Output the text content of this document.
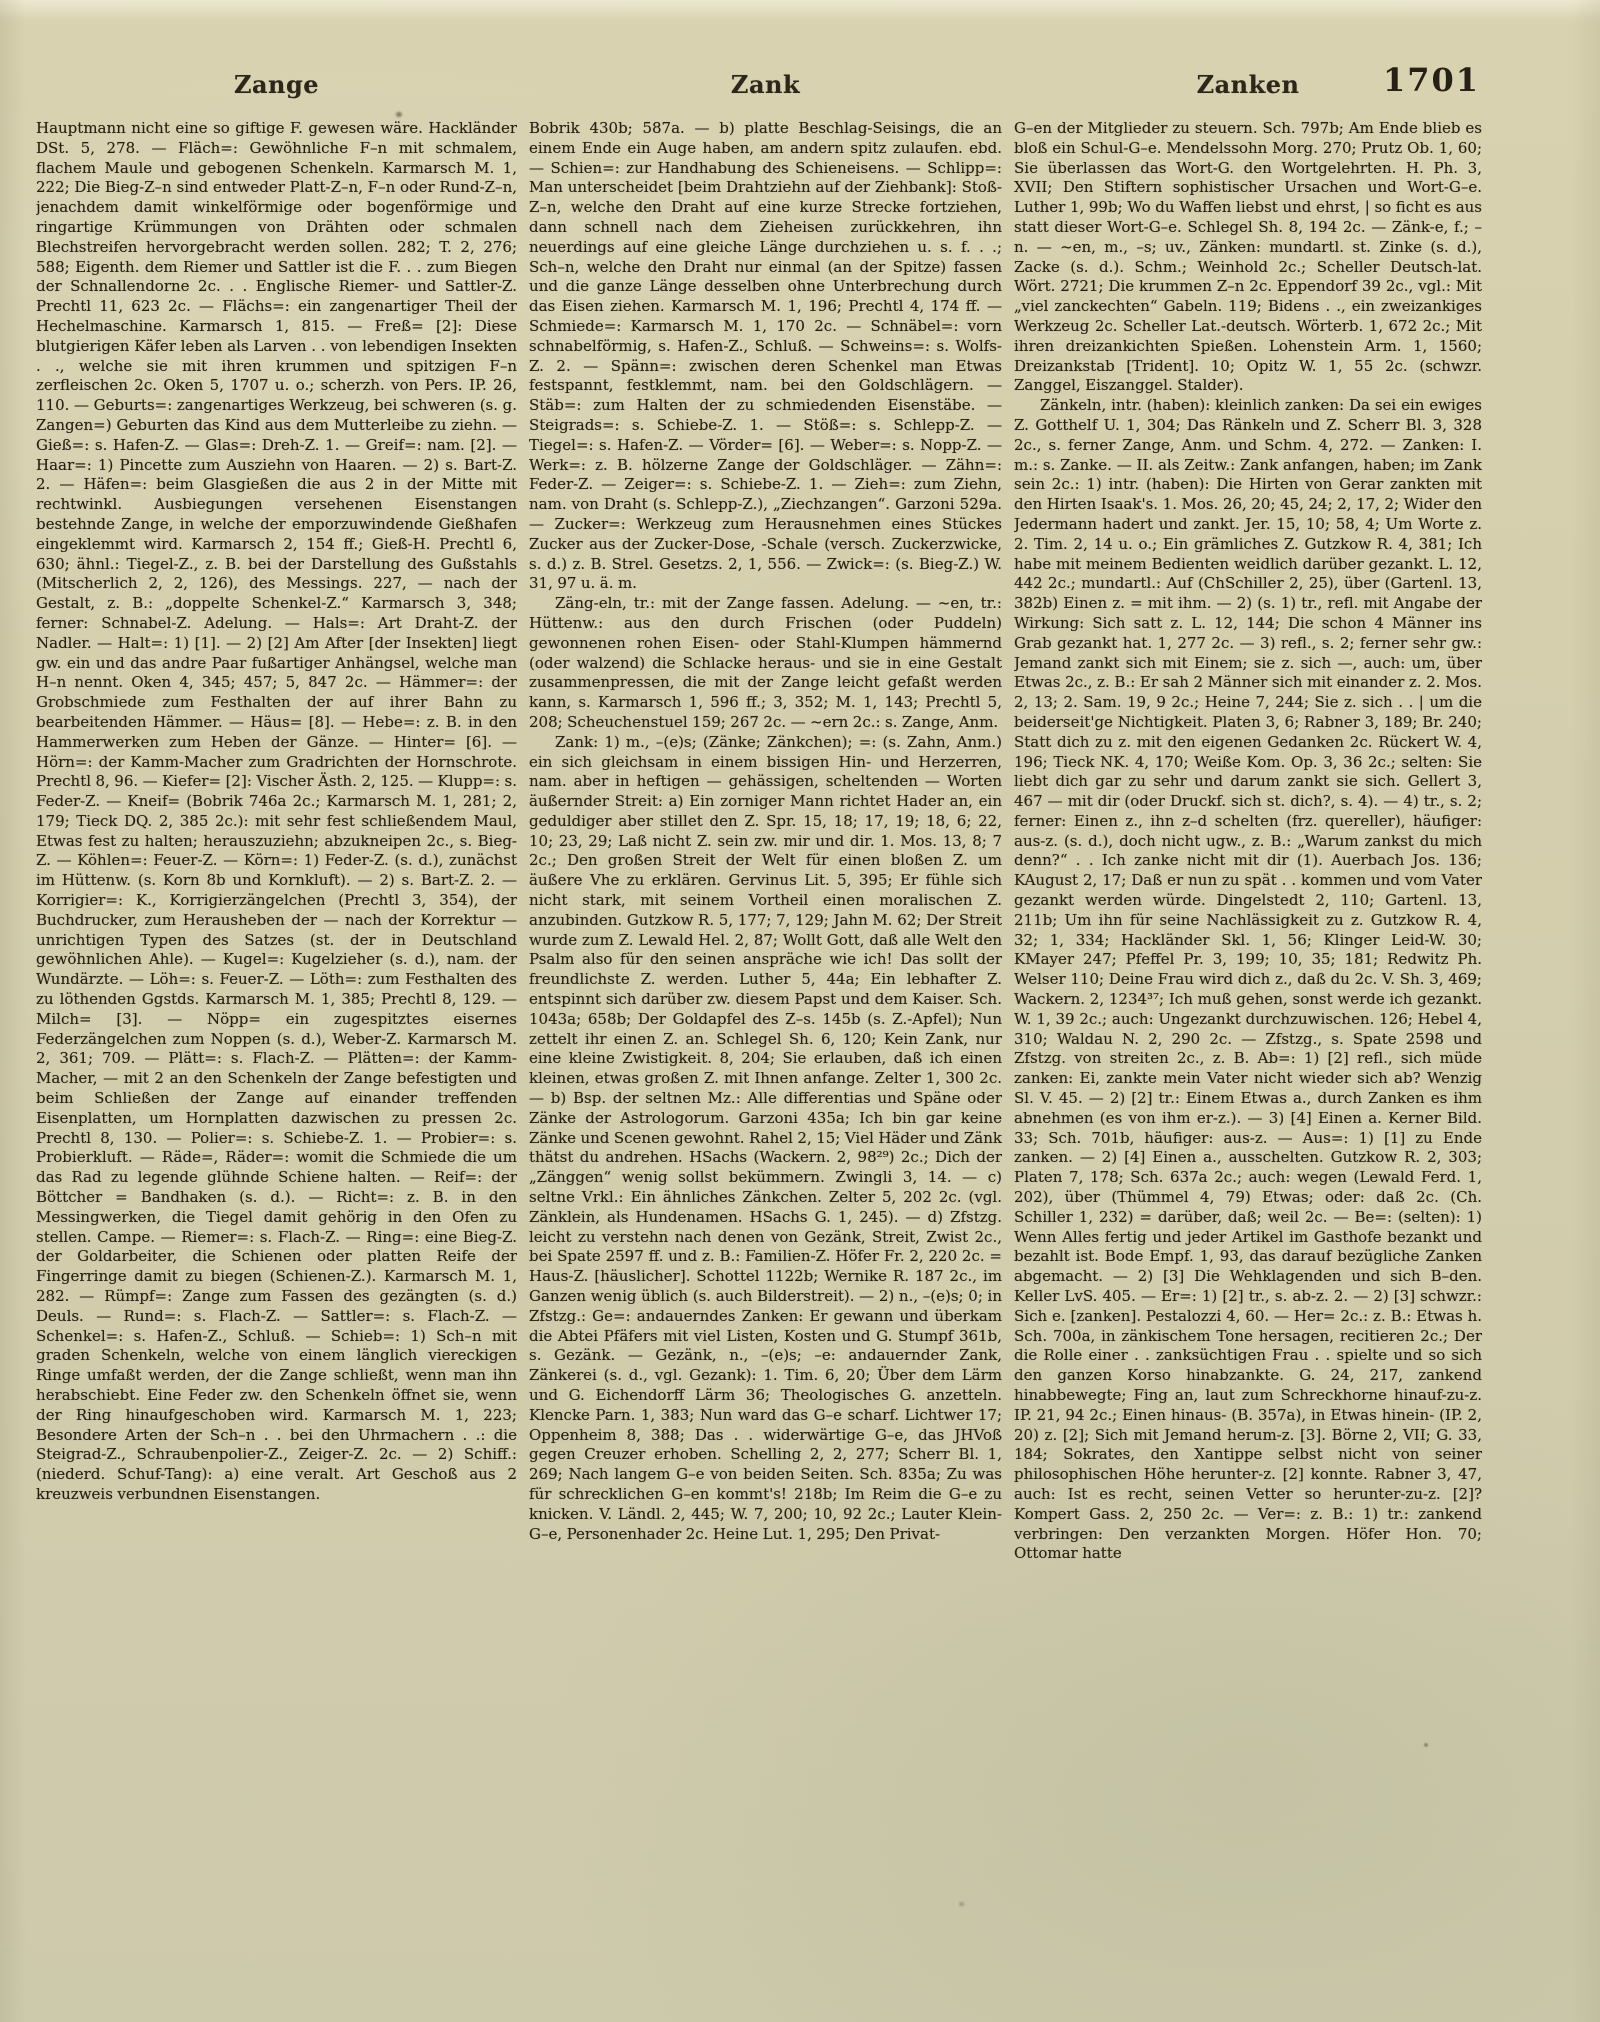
Zange	Zank	Zanken	1701

Hauptmann nicht eine so giftige F. gewesen wäre. Hackländer DSt. 5, 278. — Fläch=: Gewöhnliche F–n mit schmalem, flachem Maule und gebogenen Schenkeln. Karmarsch M. 1, 222; Die Bieg-Z–n sind entweder Platt-Z–n, F–n oder Rund-Z–n, jenachdem damit winkelförmige oder bogenförmige und ringartige Krümmungen von Drähten oder schmalen Blechstreifen hervorgebracht werden sollen. 282; T. 2, 276; 588; Eigenth. dem Riemer und Sattler ist die F. . . zum Biegen der Schnallendorne 2c. . . Englische Riemer- und Sattler-Z. Prechtl 11, 623 2c. — Flächs=: ein zangenartiger Theil der Hechelmaschine. Karmarsch 1, 815. — Freß= [2]: Diese blutgierigen Käfer leben als Larven . . von lebendigen Insekten . ., welche sie mit ihren krummen und spitzigen F–n zerfleischen 2c. Oken 5, 1707 u. o.; scherzh. von Pers. IP. 26, 110. — Geburts=: zangenartiges Werkzeug, bei schweren (s. g. Zangen=) Geburten das Kind aus dem Mutterleibe zu ziehn. — Gieß=: s. Hafen-Z. — Glas=: Dreh-Z. 1. — Greif=: nam. [2]. — Haar=: 1) Pincette zum Ausziehn von Haaren. — 2) s. Bart-Z. 2. — Häfen=: beim Glasgießen die aus 2 in der Mitte mit rechtwinkl. Ausbiegungen versehenen Eisenstangen bestehnde Zange, in welche der emporzuwindende Gießhafen eingeklemmt wird. Karmarsch 2, 154 ff.; Gieß-H. Prechtl 6, 630; ähnl.: Tiegel-Z., z. B. bei der Darstellung des Gußstahls (Mitscherlich 2, 2, 126), des Messings. 227, — nach der Gestalt, z. B.: „doppelte Schenkel-Z.“ Karmarsch 3, 348; ferner: Schnabel-Z. Adelung. — Hals=: Art Draht-Z. der Nadler. — Halt=: 1) [1]. — 2) [2] Am After [der Insekten] liegt gw. ein und das andre Paar fußartiger Anhängsel, welche man H–n nennt. Oken 4, 345; 457; 5, 847 2c. — Hämmer=: der Grobschmiede zum Festhalten der auf ihrer Bahn zu bearbeitenden Hämmer. — Häus= [8]. — Hebe=: z. B. in den Hammerwerken zum Heben der Gänze. — Hinter= [6]. — Hörn=: der Kamm-Macher zum Gradrichten der Hornschrote. Prechtl 8, 96. — Kiefer= [2]: Vischer Ästh. 2, 125. — Klupp=: s. Feder-Z. — Kneif= (Bobrik 746a 2c.; Karmarsch M. 1, 281; 2, 179; Tieck DQ. 2, 385 2c.): mit sehr fest schließendem Maul, Etwas fest zu halten; herauszuziehn; abzukneipen 2c., s. Bieg-Z. — Köhlen=: Feuer-Z. — Körn=: 1) Feder-Z. (s. d.), zunächst im Hüttenw. (s. Korn 8b und Kornkluft). — 2) s. Bart-Z. 2. — Korrigier=: K., Korrigierzängelchen (Prechtl 3, 354), der Buchdrucker, zum Herausheben der — nach der Korrektur — unrichtigen Typen des Satzes (st. der in Deutschland gewöhnlichen Ahle). — Kugel=: Kugelzieher (s. d.), nam. der Wundärzte. — Löh=: s. Feuer-Z. — Löth=: zum Festhalten des zu löthenden Ggstds. Karmarsch M. 1, 385; Prechtl 8, 129. — Milch= [3]. — Nöpp= ein zugespitztes eisernes Federzängelchen zum Noppen (s. d.), Weber-Z. Karmarsch M. 2, 361; 709. — Plätt=: s. Flach-Z. — Plätten=: der Kamm-Macher, — mit 2 an den Schenkeln der Zange befestigten und beim Schließen der Zange auf einander treffenden Eisenplatten, um Hornplatten dazwischen zu pressen 2c. Prechtl 8, 130. — Polier=: s. Schiebe-Z. 1. — Probier=: s. Probierkluft. — Räde=, Räder=: womit die Schmiede die um das Rad zu legende glühnde Schiene halten. — Reif=: der Böttcher = Bandhaken (s. d.). — Richt=: z. B. in den Messingwerken, die Tiegel damit gehörig in den Ofen zu stellen. Campe. — Riemer=: s. Flach-Z. — Ring=: eine Bieg-Z. der Goldarbeiter, die Schienen oder platten Reife der Fingerringe damit zu biegen (Schienen-Z.). Karmarsch M. 1, 282. — Rümpf=: Zange zum Fassen des gezängten (s. d.) Deuls. — Rund=: s. Flach-Z. — Sattler=: s. Flach-Z. — Schenkel=: s. Hafen-Z., Schluß. — Schieb=: 1) Sch–n mit graden Schenkeln, welche von einem länglich viereckigen Ringe umfaßt werden, der die Zange schließt, wenn man ihn herabschiebt. Eine Feder zw. den Schenkeln öffnet sie, wenn der Ring hinaufgeschoben wird. Karmarsch M. 1, 223; Besondere Arten der Sch–n . . bei den Uhrmachern . .: die Steigrad-Z., Schraubenpolier-Z., Zeiger-Z. 2c. — 2) Schiff.: (niederd. Schuf-Tang): a) eine veralt. Art Geschoß aus 2 kreuzweis verbundnen Eisenstangen.

Bobrik 430b; 587a. — b) platte Beschlag-Seisings, die an einem Ende ein Auge haben, am andern spitz zulaufen. ebd. — Schien=: zur Handhabung des Schieneisens. — Schlipp=: Man unterscheidet [beim Drahtziehn auf der Ziehbank]: Stoß-Z–n, welche den Draht auf eine kurze Strecke fortziehen, dann schnell nach dem Zieheisen zurückkehren, ihn neuerdings auf eine gleiche Länge durchziehen u. s. f. . .; Sch–n, welche den Draht nur einmal (an der Spitze) fassen und die ganze Länge desselben ohne Unterbrechung durch das Eisen ziehen. Karmarsch M. 1, 196; Prechtl 4, 174 ff. — Schmiede=: Karmarsch M. 1, 170 2c. — Schnäbel=: vorn schnabelförmig, s. Hafen-Z., Schluß. — Schweins=: s. Wolfs-Z. 2. — Spänn=: zwischen deren Schenkel man Etwas festspannt, festklemmt, nam. bei den Goldschlägern. — Stäb=: zum Halten der zu schmiedenden Eisenstäbe. — Steigrads=: s. Schiebe-Z. 1. — Stöß=: s. Schlepp-Z. — Tiegel=: s. Hafen-Z. — Vörder= [6]. — Weber=: s. Nopp-Z. — Werk=: z. B. hölzerne Zange der Goldschläger. — Zähn=: Feder-Z. — Zeiger=: s. Schiebe-Z. 1. — Zieh=: zum Ziehn, nam. von Draht (s. Schlepp-Z.), „Ziechzangen“. Garzoni 529a. — Zucker=: Werkzeug zum Herausnehmen eines Stückes Zucker aus der Zucker-Dose, -Schale (versch. Zuckerzwicke, s. d.) z. B. Strel. Gesetzs. 2, 1, 556. — Zwick=: (s. Bieg-Z.) W. 31, 97 u. ä. m.

Zäng-eln, tr.: mit der Zange fassen. Adelung. — ~en, tr.: Hüttenw.: aus den durch Frischen (oder Puddeln) gewonnenen rohen Eisen- oder Stahl-Klumpen hämmernd (oder walzend) die Schlacke heraus- und sie in eine Gestalt zusammenpressen, die mit der Zange leicht gefaßt werden kann, s. Karmarsch 1, 596 ff.; 3, 352; M. 1, 143; Prechtl 5, 208; Scheuchenstuel 159; 267 2c. — ~ern 2c.: s. Zange, Anm.

Zank: 1) m., –(e)s; (Zänke; Zänkchen); =: (s. Zahn, Anm.) ein sich gleichsam in einem bissigen Hin- und Herzerren, nam. aber in heftigen — gehässigen, scheltenden — Worten äußernder Streit: a) Ein zorniger Mann richtet Hader an, ein geduldiger aber stillet den Z. Spr. 15, 18; 17, 19; 18, 6; 22, 10; 23, 29; Laß nicht Z. sein zw. mir und dir. 1. Mos. 13, 8; 7 2c.; Den großen Streit der Welt für einen bloßen Z. um äußere Vhe zu erklären. Gervinus Lit. 5, 395; Er fühle sich nicht stark, mit seinem Vortheil einen moralischen Z. anzubinden. Gutzkow R. 5, 177; 7, 129; Jahn M. 62; Der Streit wurde zum Z. Lewald Hel. 2, 87; Wollt Gott, daß alle Welt den Psalm also für den seinen anspräche wie ich! Das sollt der freundlichste Z. werden. Luther 5, 44a; Ein lebhafter Z. entspinnt sich darüber zw. diesem Papst und dem Kaiser. Sch. 1043a; 658b; Der Goldapfel des Z–s. 145b (s. Z.-Apfel); Nun zettelt ihr einen Z. an. Schlegel Sh. 6, 120; Kein Zank, nur eine kleine Zwistigkeit. 8, 204; Sie erlauben, daß ich einen kleinen, etwas großen Z. mit Ihnen anfange. Zelter 1, 300 2c. — b) Bsp. der seltnen Mz.: Alle differentias und Späne oder Zänke der Astrologorum. Garzoni 435a; Ich bin gar keine Zänke und Scenen gewohnt. Rahel 2, 15; Viel Häder und Zänk thätst du andrehen. HSachs (Wackern. 2, 98²⁹) 2c.; Dich der „Zänggen“ wenig sollst bekümmern. Zwingli 3, 14. — c) seltne Vrkl.: Ein ähnliches Zänkchen. Zelter 5, 202 2c. (vgl. Zänklein, als Hundenamen. HSachs G. 1, 245). — d) Zfstzg. leicht zu verstehn nach denen von Gezänk, Streit, Zwist 2c., bei Spate 2597 ff. und z. B.: Familien-Z. Höfer Fr. 2, 220 2c. = Haus-Z. [häuslicher]. Schottel 1122b; Wernike R. 187 2c., im Ganzen wenig üblich (s. auch Bilderstreit). — 2) n., –(e)s; 0; in Zfstzg.: Ge=: andauerndes Zanken: Er gewann und überkam die Abtei Pfäfers mit viel Listen, Kosten und G. Stumpf 361b, s. Gezänk. — Gezänk, n., –(e)s; –e: andauernder Zank, Zänkerei (s. d., vgl. Gezank): 1. Tim. 6, 20; Über dem Lärm und G. Eichendorff Lärm 36; Theologisches G. anzetteln. Klencke Parn. 1, 383; Nun ward das G–e scharf. Lichtwer 17; Oppenheim 8, 388; Das . . widerwärtige G–e, das JHVoß gegen Creuzer erhoben. Schelling 2, 2, 277; Scherr Bl. 1, 269; Nach langem G–e von beiden Seiten. Sch. 835a; Zu was für schrecklichen G–en kommt's! 218b; Im Reim die G–e zu knicken. V. Ländl. 2, 445; W. 7, 200; 10, 92 2c.; Lauter Klein-G–e, Personenhader 2c. Heine Lut. 1, 295; Den Privat-

G–en der Mitglieder zu steuern. Sch. 797b; Am Ende blieb es bloß ein Schul-G–e. Mendelssohn Morg. 270; Prutz Ob. 1, 60; Sie überlassen das Wort-G. den Wortgelehrten. H. Ph. 3, XVII; Den Stiftern sophistischer Ursachen und Wort-G–e. Luther 1, 99b; Wo du Waffen liebst und ehrst, | so ficht es aus statt dieser Wort-G–e. Schlegel Sh. 8, 194 2c. — Zänk-e, f.; –n. — ~en, m., –s; uv., Zänken: mundartl. st. Zinke (s. d.), Zacke (s. d.). Schm.; Weinhold 2c.; Scheller Deutsch-lat. Wört. 2721; Die krummen Z–n 2c. Eppendorf 39 2c., vgl.: Mit „viel zanckechten“ Gabeln. 119; Bidens . ., ein zweizankiges Werkzeug 2c. Scheller Lat.-deutsch. Wörterb. 1, 672 2c.; Mit ihren dreizankichten Spießen. Lohenstein Arm. 1, 1560; Dreizankstab [Trident]. 10; Opitz W. 1, 55 2c. (schwzr. Zanggel, Eiszanggel. Stalder).

Zänkeln, intr. (haben): kleinlich zanken: Da sei ein ewiges Z. Gotthelf U. 1, 304; Das Ränkeln und Z. Scherr Bl. 3, 328 2c., s. ferner Zange, Anm. und Schm. 4, 272. — Zanken: I. m.: s. Zanke. — II. als Zeitw.: Zank anfangen, haben; im Zank sein 2c.: 1) intr. (haben): Die Hirten von Gerar zankten mit den Hirten Isaak's. 1. Mos. 26, 20; 45, 24; 2, 17, 2; Wider den Jedermann hadert und zankt. Jer. 15, 10; 58, 4; Um Worte z. 2. Tim. 2, 14 u. o.; Ein grämliches Z. Gutzkow R. 4, 381; Ich habe mit meinem Bedienten weidlich darüber gezankt. L. 12, 442 2c.; mundartl.: Auf (ChSchiller 2, 25), über (Gartenl. 13, 382b) Einen z. = mit ihm. — 2) (s. 1) tr., refl. mit Angabe der Wirkung: Sich satt z. L. 12, 144; Die schon 4 Männer ins Grab gezankt hat. 1, 277 2c. — 3) refl., s. 2; ferner sehr gw.: Jemand zankt sich mit Einem; sie z. sich —, auch: um, über Etwas 2c., z. B.: Er sah 2 Männer sich mit einander z. 2. Mos. 2, 13; 2. Sam. 19, 9 2c.; Heine 7, 244; Sie z. sich . . | um die beiderseit'ge Nichtigkeit. Platen 3, 6; Rabner 3, 189; Br. 240; Statt dich zu z. mit den eigenen Gedanken 2c. Rückert W. 4, 196; Tieck NK. 4, 170; Weiße Kom. Op. 3, 36 2c.; selten: Sie liebt dich gar zu sehr und darum zankt sie sich. Gellert 3, 467 — mit dir (oder Druckf. sich st. dich?, s. 4). — 4) tr., s. 2; ferner: Einen z., ihn z–d schelten (frz. quereller), häufiger: aus-z. (s. d.), doch nicht ugw., z. B.: „Warum zankst du mich denn?“ . . Ich zanke nicht mit dir (1). Auerbach Jos. 136; KAugust 2, 17; Daß er nun zu spät . . kommen und vom Vater gezankt werden würde. Dingelstedt 2, 110; Gartenl. 13, 211b; Um ihn für seine Nachlässigkeit zu z. Gutzkow R. 4, 32; 1, 334; Hackländer Skl. 1, 56; Klinger Leid-W. 30; KMayer 247; Pfeffel Pr. 3, 199; 10, 35; 181; Redwitz Ph. Welser 110; Deine Frau wird dich z., daß du 2c. V. Sh. 3, 469; Wackern. 2, 1234³⁷; Ich muß gehen, sonst werde ich gezankt. W. 1, 39 2c.; auch: Ungezankt durchzuwischen. 126; Hebel 4, 310; Waldau N. 2, 290 2c. — Zfstzg., s. Spate 2598 und Zfstzg. von streiten 2c., z. B. Ab=: 1) [2] refl., sich müde zanken: Ei, zankte mein Vater nicht wieder sich ab? Wenzig Sl. V. 45. — 2) [2] tr.: Einem Etwas a., durch Zanken es ihm abnehmen (es von ihm er-z.). — 3) [4] Einen a. Kerner Bild. 33; Sch. 701b, häufiger: aus-z. — Aus=: 1) [1] zu Ende zanken. — 2) [4] Einen a., ausschelten. Gutzkow R. 2, 303; Platen 7, 178; Sch. 637a 2c.; auch: wegen (Lewald Ferd. 1, 202), über (Thümmel 4, 79) Etwas; oder: daß 2c. (Ch. Schiller 1, 232) = darüber, daß; weil 2c. — Be=: (selten): 1) Wenn Alles fertig und jeder Artikel im Gasthofe bezankt und bezahlt ist. Bode Empf. 1, 93, das darauf bezügliche Zanken abgemacht. — 2) [3] Die Wehklagenden und sich B–den. Keller LvS. 405. — Er=: 1) [2] tr., s. ab-z. 2. — 2) [3] schwzr.: Sich e. [zanken]. Pestalozzi 4, 60. — Her= 2c.: z. B.: Etwas h. Sch. 700a, in zänkischem Tone hersagen, recitieren 2c.; Der die Rolle einer . . zanksüchtigen Frau . . spielte und so sich den ganzen Korso hinabzankte. G. 24, 217, zankend hinabbewegte; Fing an, laut zum Schreckhorne hinauf-zu-z. IP. 21, 94 2c.; Einen hinaus- (B. 357a), in Etwas hinein- (IP. 2, 20) z. [2]; Sich mit Jemand herum-z. [3]. Börne 2, VII; G. 33, 184; Sokrates, den Xantippe selbst nicht von seiner philosophischen Höhe herunter-z. [2] konnte. Rabner 3, 47, auch: Ist es recht, seinen Vetter so herunter-zu-z. [2]? Kompert Gass. 2, 250 2c. — Ver=: z. B.: 1) tr.: zankend verbringen: Den verzankten Morgen. Höfer Hon. 70; Ottomar hatte
